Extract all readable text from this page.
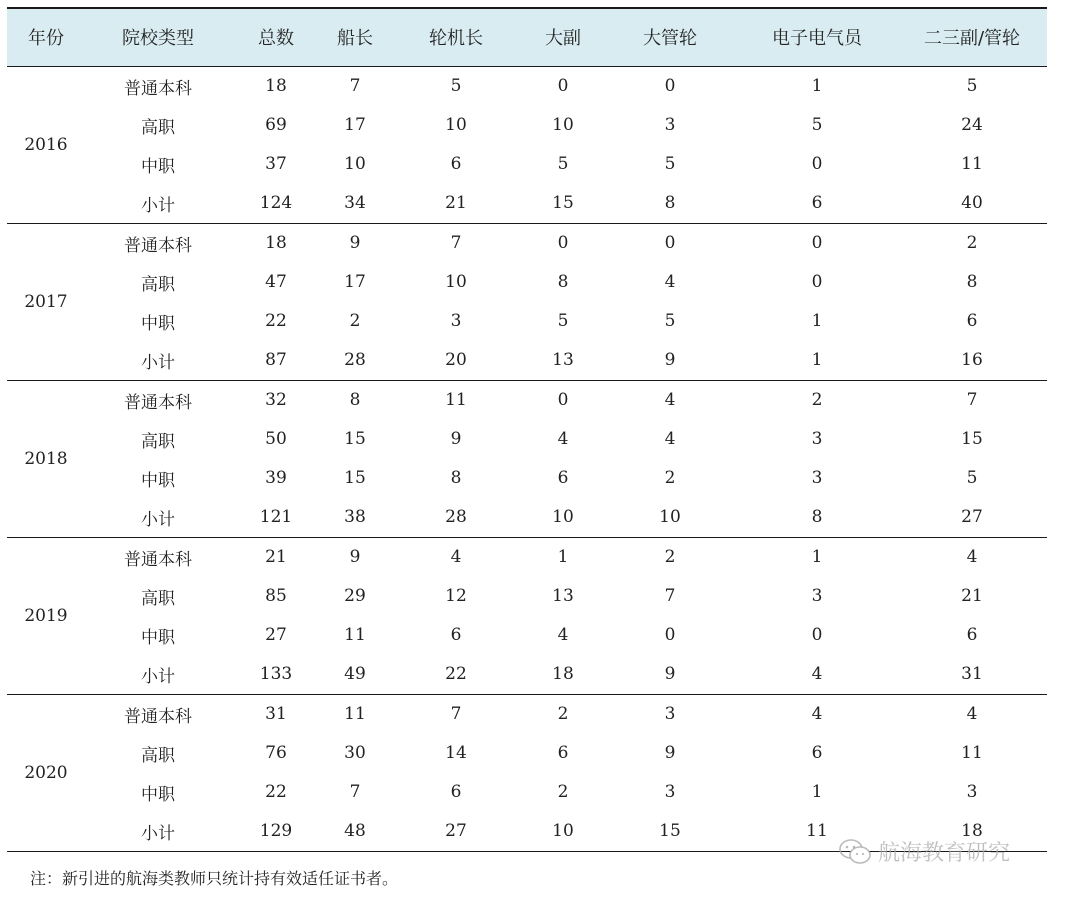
年份	院校类型	总数	船长	轮机长	大副	大管轮	电子电气员	二三副/管轮
2016	普通本科	18	7	5	0	0	1	5
	高职	69	17	10	10	3	5	24
	中职	37	10	6	5	5	0	11
	小计	124	34	21	15	8	6	40
2017	普通本科	18	9	7	0	0	0	2
	高职	47	17	10	8	4	0	8
	中职	22	2	3	5	5	1	6
	小计	87	28	20	13	9	1	16
2018	普通本科	32	8	11	0	4	2	7
	高职	50	15	9	4	4	3	15
	中职	39	15	8	6	2	3	5
	小计	121	38	28	10	10	8	27
2019	普通本科	21	9	4	1	2	1	4
	高职	85	29	12	13	7	3	21
	中职	27	11	6	4	0	0	6
	小计	133	49	22	18	9	4	31
2020	普通本科	31	11	7	2	3	4	4
	高职	76	30	14	6	9	6	11
	中职	22	7	6	2	3	1	3
	小计	129	48	27	10	15	11	18
注：新引进的航海类教师只统计持有效适任证书者。
航海教育研究
